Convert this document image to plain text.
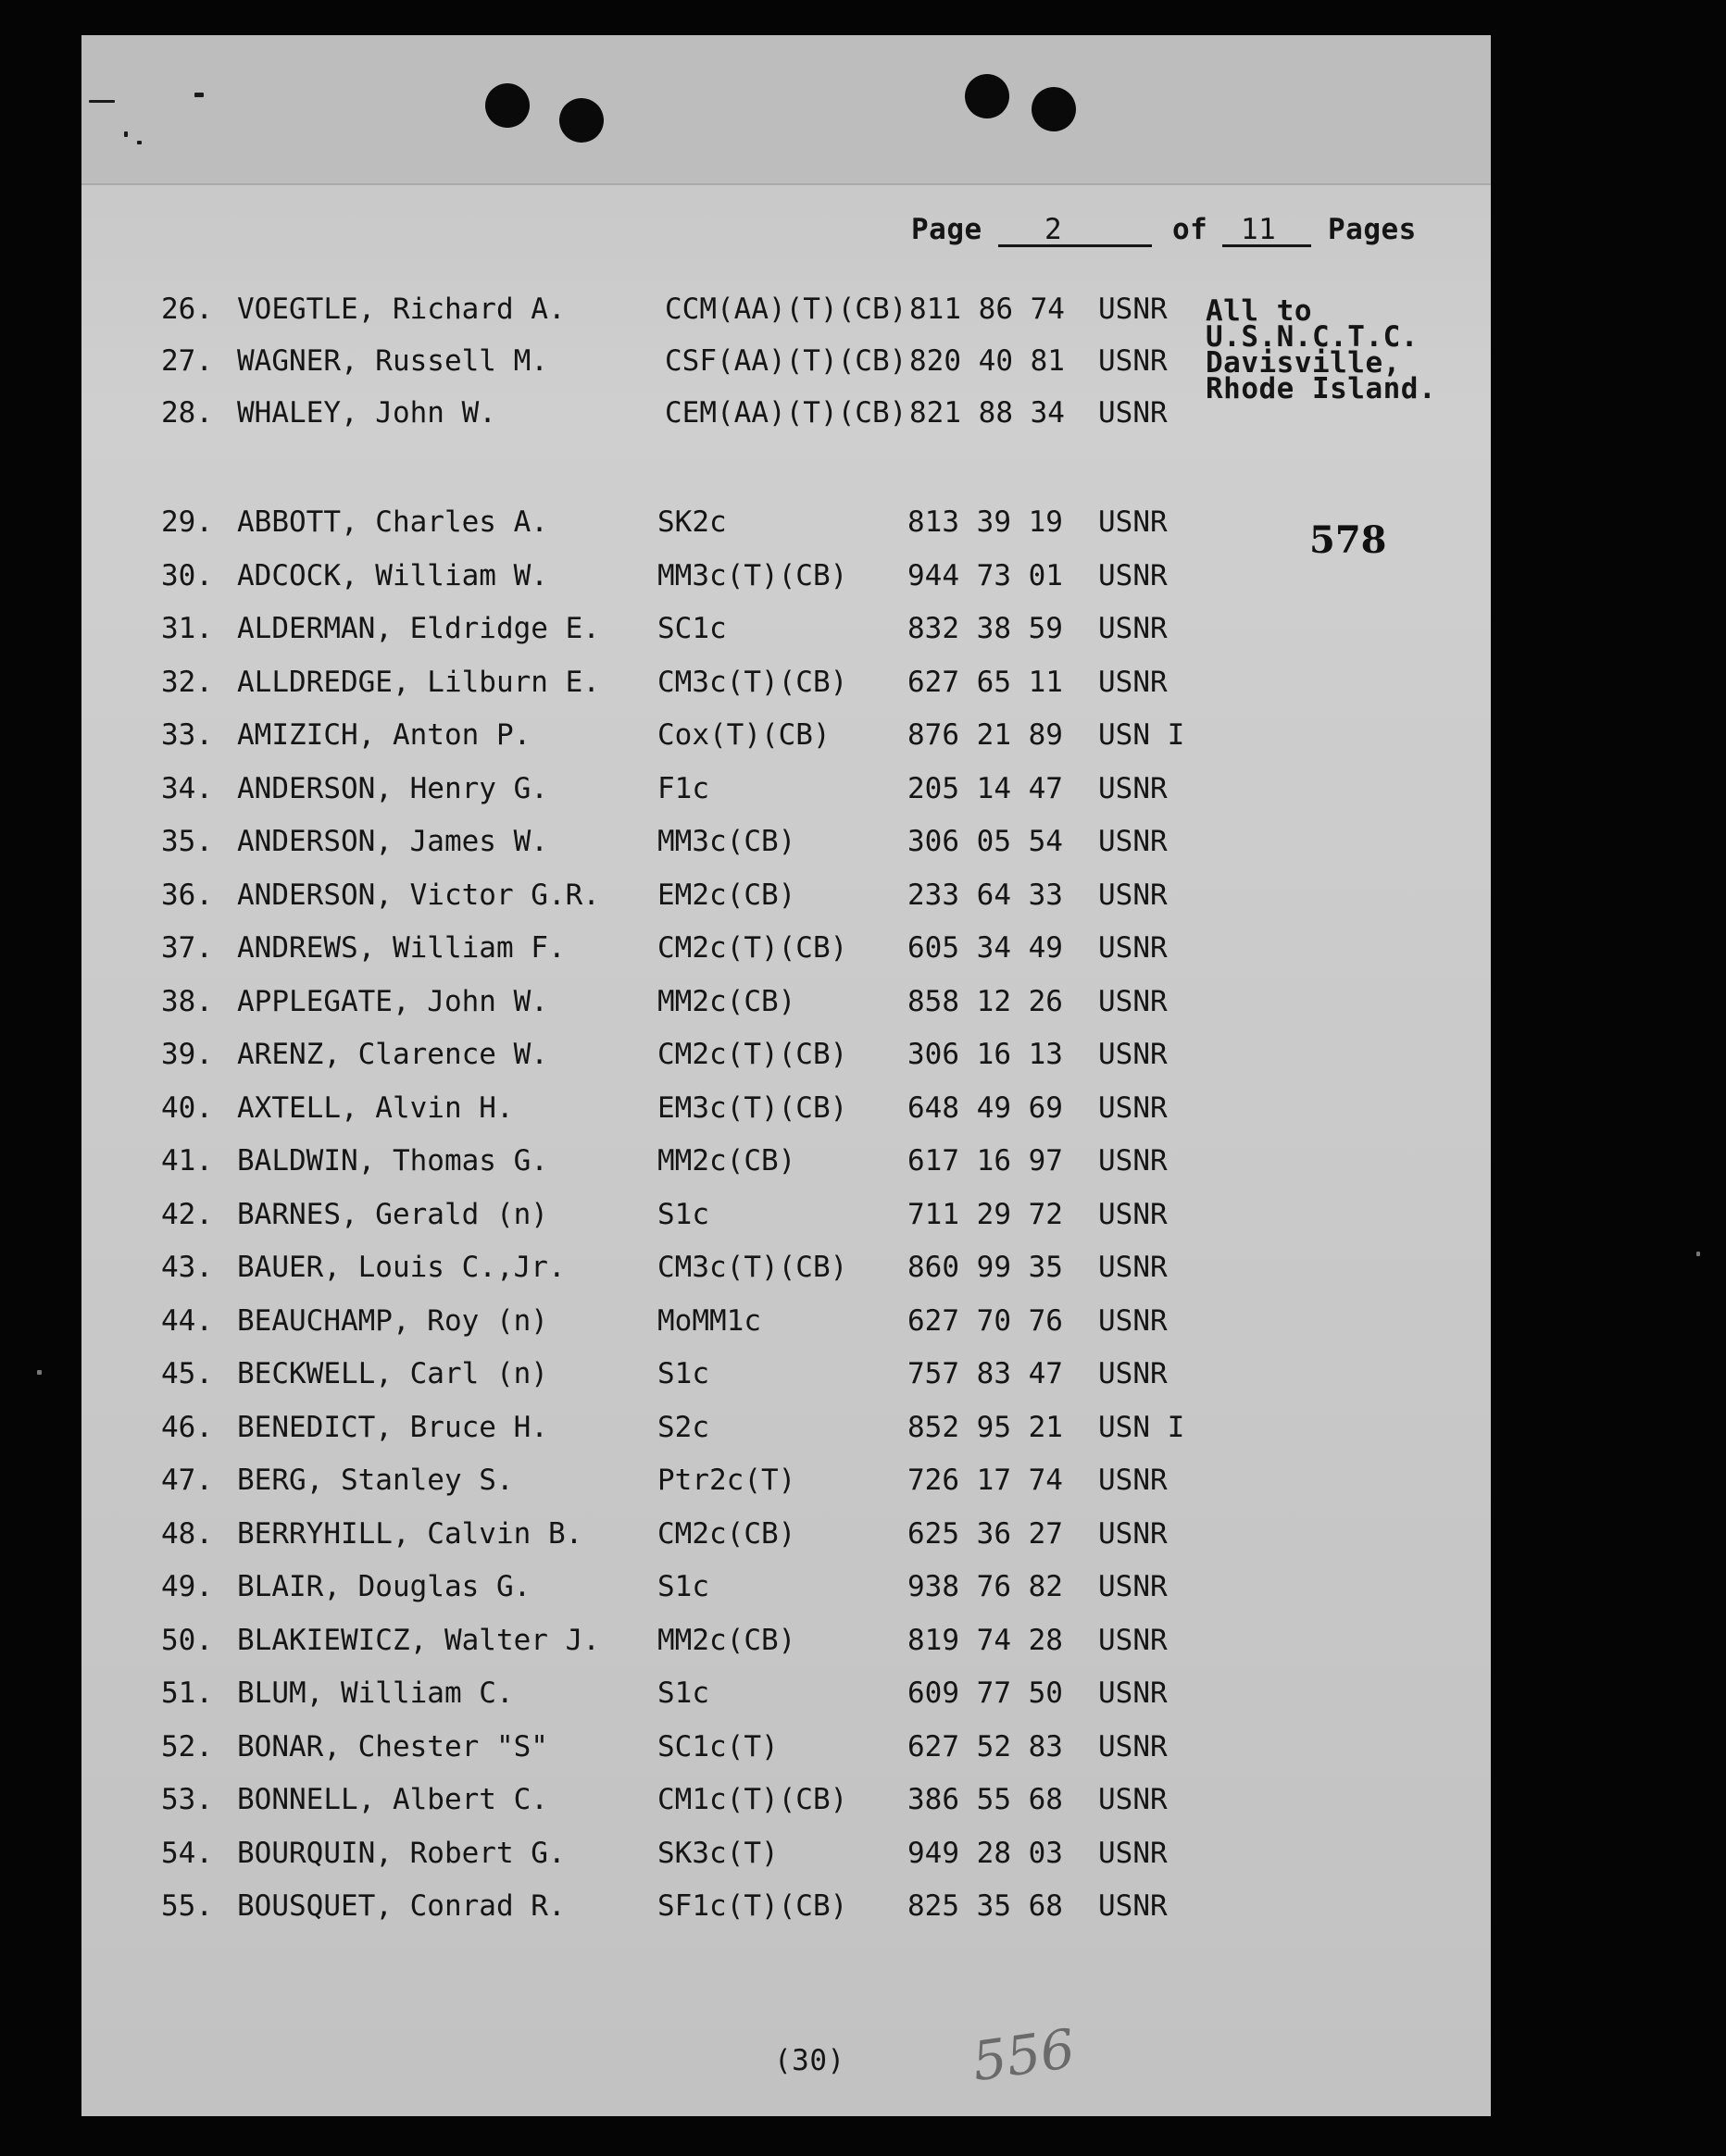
Page 2	of 11 Pages
All to
U.S.N.C.T.C.
Davisville,
Rhode Island.
578
26. VOEGTLE, Richard A.	CCM(AA)(T)(CB) 811 86 74 USNR
27. WAGNER, Russell M.	CSF(AA)(T)(CB) 820 40 81 USNR
28. WHALEY, John W.	CEM(AA)(T)(CB) 821 88 34 USNR
29. ABBOTT, Charles A.	SK2c	813 39 19 USNR
30. ADCOCK, William W.	MM3c(T)(CB) 944 73 01 USNR
31. ALDERMAN, Eldridge E. SC1c	832 38 59 USNR
32. ALLDREDGE, Lilburn E. CM3c(T)(CB) 627 65 11 USNR
33. AMIZICH, Anton P.	Cox(T)(CB)	876 21 89 USN I
34. ANDERSON, Henry G.	F1c	205 14 47 USNR
35. ANDERSON, James W.	MM3c(CB)	306 05 54 USNR
36. ANDERSON, Victor G.R. EM2c(CB)	233 64 33 USNR
37. ANDREWS, William F.	CM2c(T)(CB) 605 34 49 USNR
38. APPLEGATE, John W.	MM2c(CB)	858 12 26 USNR
39. ARENZ, Clarence W.	CM2c(T)(CB) 306 16 13 USNR
40. AXTELL, Alvin H.	EM3c(T)(CB) 648 49 69 USNR
41. BALDWIN, Thomas G.	MM2c(CB)	617 16 97 USNR
42. BARNES, Gerald (n)	S1c	711 29 72 USNR
43. BAUER, Louis C.,Jr.	CM3c(T)(CB) 860 99 35 USNR
44. BEAUCHAMP, Roy (n)	MoMM1c	627 70 76 USNR
45. BECKWELL, Carl (n)	S1c	757 83 47 USNR
46. BENEDICT, Bruce H.	S2c	852 95 21 USN I
47. BERG, Stanley S.	Ptr2c(T)	726 17 74 USNR
48. BERRYHILL, Calvin B.	CM2c(CB)	625 36 27 USNR
49. BLAIR, Douglas G.	S1c	938 76 82 USNR
50. BLAKIEWICZ, Walter J. MM2c(CB)	819 74 28 USNR
51. BLUM, William C.	S1c	609 77 50 USNR
52. BONAR, Chester "S"	SC1c(T)	627 52 83 USNR
53. BONNELL, Albert C.	CM1c(T)(CB) 386 55 68 USNR
54. BOURQUIN, Robert G.	SK3c(T)	949 28 03 USNR
55. BOUSQUET, Conrad R.	SF1c(T)(CB) 825 35 68 USNR
(30) 556
